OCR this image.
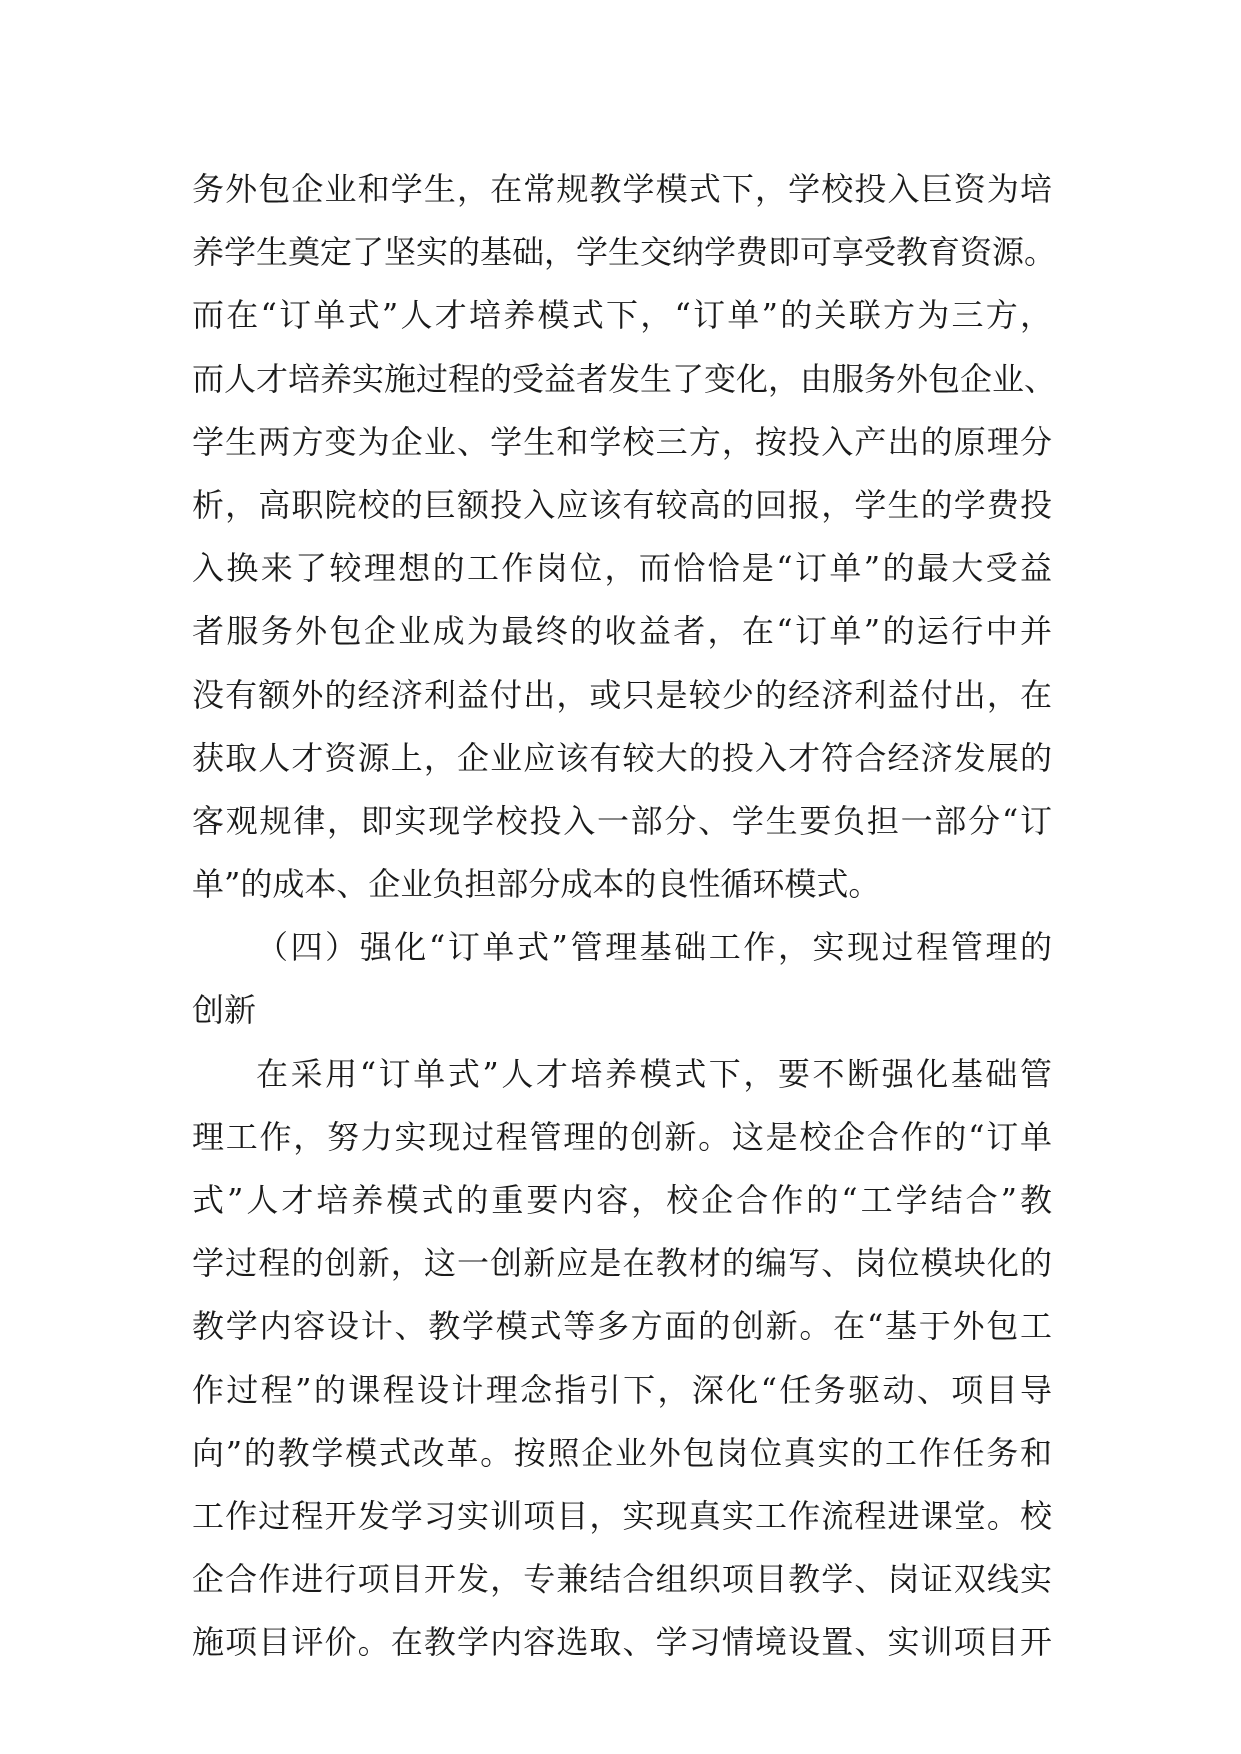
务外包企业和学生，在常规教学模式下，学校投入巨资为培
养学生奠定了坚实的基础，学生交纳学费即可享受教育资源。
而在“订单式”人才培养模式下，“订单”的关联方为三方，
而人才培养实施过程的受益者发生了变化，由服务外包企业、
学生两方变为企业、学生和学校三方，按投入产出的原理分
析，高职院校的巨额投入应该有较高的回报，学生的学费投
入换来了较理想的工作岗位，而恰恰是“订单”的最大受益
者服务外包企业成为最终的收益者，在“订单”的运行中并
没有额外的经济利益付出，或只是较少的经济利益付出，在
获取人才资源上，企业应该有较大的投入才符合经济发展的
客观规律，即实现学校投入一部分、学生要负担一部分“订
单”的成本、企业负担部分成本的良性循环模式。
（四）强化“订单式”管理基础工作，实现过程管理的
创新
在采用“订单式”人才培养模式下，要不断强化基础管
理工作，努力实现过程管理的创新。这是校企合作的“订单
式”人才培养模式的重要内容，校企合作的“工学结合”教
学过程的创新，这一创新应是在教材的编写、岗位模块化的
教学内容设计、教学模式等多方面的创新。在“基于外包工
作过程”的课程设计理念指引下，深化“任务驱动、项目导
向”的教学模式改革。按照企业外包岗位真实的工作任务和
工作过程开发学习实训项目，实现真实工作流程进课堂。校
企合作进行项目开发，专兼结合组织项目教学、岗证双线实
施项目评价。在教学内容选取、学习情境设置、实训项目开
